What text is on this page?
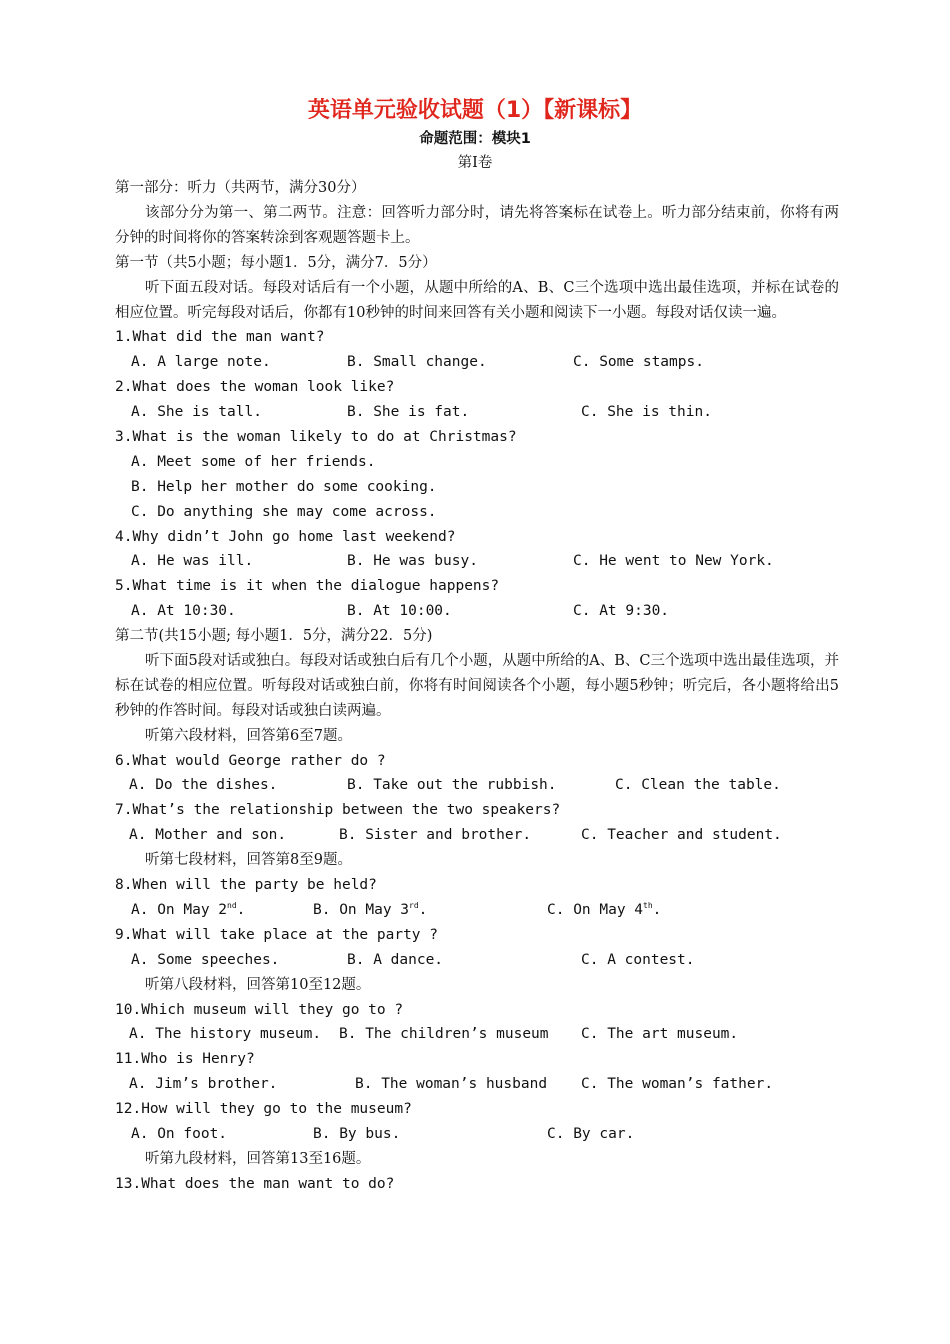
英语单元验收试题（1）【新课标】
命题范围：模块1
第Ⅰ卷
第一部分：听力（共两节，满分30分）
该部分分为第一、第二两节。注意：回答听力部分时，请先将答案标在试卷上。听力部分结束前，你将有两分钟的时间将你的答案转涂到客观题答题卡上。
第一节（共5小题；每小题1．5分，满分7．5分）
听下面五段对话。每段对话后有一个小题，从题中所给的A、B、C三个选项中选出最佳选项，并标在试卷的相应位置。听完每段对话后，你都有10秒钟的时间来回答有关小题和阅读下一小题。每段对话仅读一遍。
1.What did the man want?
A. A large note.	B. Small change.	C. Some stamps.
2.What does the woman look like?
A. She is tall.	B. She is fat.	C. She is thin.
3.What is the woman likely to do at Christmas?
A. Meet some of her friends.
B. Help her mother do some cooking.
C. Do anything she may come across.
4.Why didn’t John go home last weekend?
A. He was ill.	B. He was busy.	C. He went to New York.
5.What time is it when the dialogue happens?
A. At 10:30.	B. At 10:00.	C. At 9:30.
第二节(共15小题; 每小题1．5分，满分22．5分)
听下面5段对话或独白。每段对话或独白后有几个小题，从题中所给的A、B、C三个选项中选出最佳选项，并标在试卷的相应位置。听每段对话或独白前，你将有时间阅读各个小题，每小题5秒钟；听完后，各小题将给出5秒钟的作答时间。每段对话或独白读两遍。
听第六段材料，回答第6至7题。
6.What would George rather do ?
A. Do the dishes.	B. Take out the rubbish.	C. Clean the table.
7.What’s the relationship between the two speakers?
A. Mother and son.	B. Sister and brother.	C. Teacher and student.
听第七段材料，回答第8至9题。
8.When will the party be held?
A. On May 2nd.	B. On May 3rd.	C. On May 4th.
9.What will take place at the party ?
A. Some speeches.	B. A dance.	C. A contest.
听第八段材料，回答第10至12题。
10.Which museum will they go to ?
A. The history museum. B. The children’s museum C. The art museum.
11.Who is Henry?
A. Jim’s brother.	B. The woman’s husband C. The woman’s father.
12.How will they go to the museum?
A. On foot.	B. By bus.	C. By car.
听第九段材料，回答第13至16题。
13.What does the man want to do?
